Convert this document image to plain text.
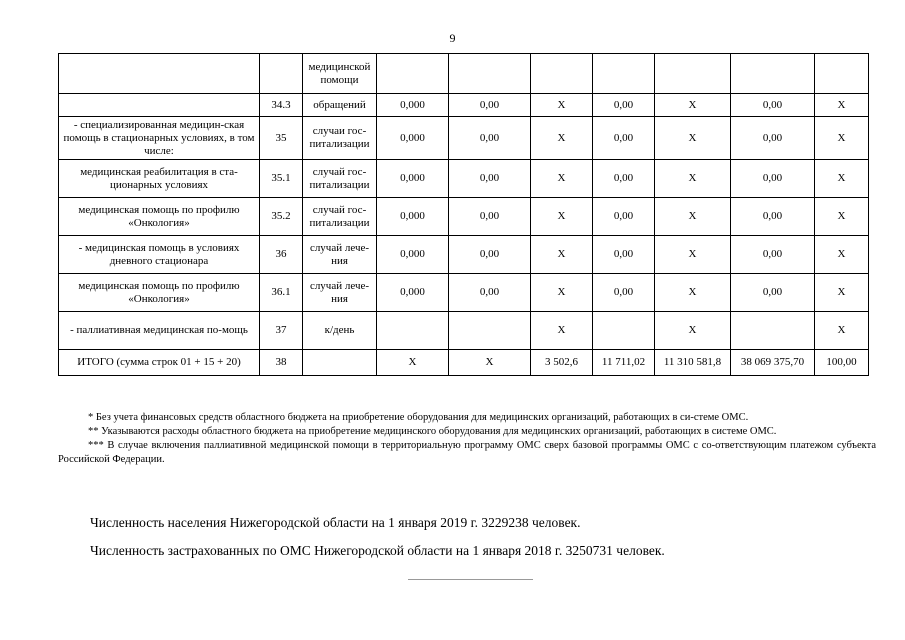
9
		медицинской помощи							
	34.3	обращений	0,000	0,00	Х	0,00	Х	0,00	Х
- специализированная медицин-ская помощь в стационарных условиях, в том числе:	35	случаи гос-питализации	0,000	0,00	Х	0,00	Х	0,00	Х
медицинская реабилитация в ста-ционарных условиях	35.1	случай гос-питализации	0,000	0,00	Х	0,00	Х	0,00	Х
медицинская помощь по профилю «Онкология»	35.2	случай гос-питализации	0,000	0,00	Х	0,00	Х	0,00	Х
- медицинская помощь в условиях дневного стационара	36	случай лече-ния	0,000	0,00	Х	0,00	Х	0,00	Х
медицинская помощь по профилю «Онкология»	36.1	случай лече-ния	0,000	0,00	Х	0,00	Х	0,00	Х
- паллиативная медицинская по-мощь	37	к/день			Х		Х		Х
ИТОГО (сумма строк 01 + 15 + 20)	38		Х	Х	3 502,6	11 711,02	11 310 581,8	38 069 375,70	100,00

* Без учета финансовых средств областного бюджета на приобретение оборудования для медицинских организаций, работающих в си-стеме ОМС.

** Указываются расходы областного бюджета на приобретение медицинского оборудования для медицинских организаций, работающих в системе ОМС.

*** В случае включения паллиативной медицинской помощи в территориальную программу ОМС сверх базовой программы ОМС с со-ответствующим платежом субъекта Российской Федерации.

Численность населения Нижегородской области на 1 января 2019 г. 3229238 человек.
Численность застрахованных по ОМС Нижегородской области на 1 января 2018 г. 3250731 человек.
